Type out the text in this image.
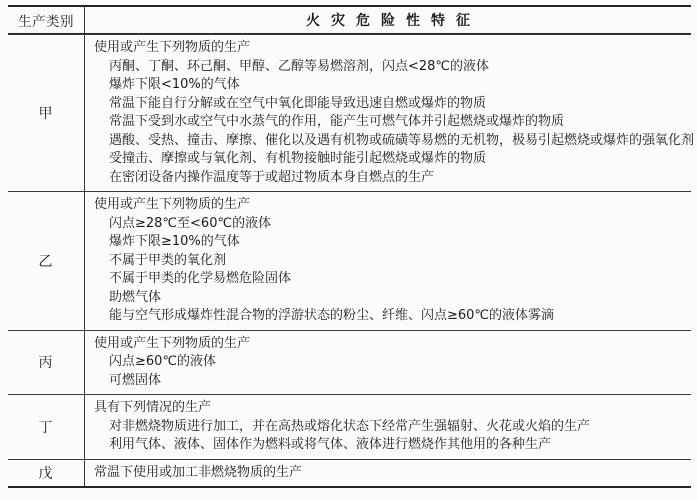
生产类别	火灾危险性特征
甲
使用或产生下列物质的生产
丙酮、丁酮、环己酮、甲醇、乙醇等易燃溶剂，闪点<28℃的液体
爆炸下限<10%的气体
常温下能自行分解或在空气中氧化即能导致迅速自燃或爆炸的物质
常温下受到水或空气中水蒸气的作用，能产生可燃气体并引起燃烧或爆炸的物质
遇酸、受热、撞击、摩擦、催化以及遇有机物或硫磺等易燃的无机物，极易引起燃烧或爆炸的强氧化剂
受撞击、摩擦或与氧化剂、有机物接触时能引起燃烧或爆炸的物质
在密闭设备内操作温度等于或超过物质本身自燃点的生产
乙
使用或产生下列物质的生产
闪点≥28℃至<60℃的液体
爆炸下限≥10%的气体
不属于甲类的氧化剂
不属于甲类的化学易燃危险固体
助燃气体
能与空气形成爆炸性混合物的浮游状态的粉尘、纤维、闪点≥60℃的液体雾滴
丙
使用或产生下列物质的生产
闪点≥60℃的液体
可燃固体
丁
具有下列情况的生产
对非燃烧物质进行加工，并在高热或熔化状态下经常产生强辐射、火花或火焰的生产
利用气体、液体、固体作为燃料或将气体、液体进行燃烧作其他用的各种生产
戊	常温下使用或加工非燃烧物质的生产
